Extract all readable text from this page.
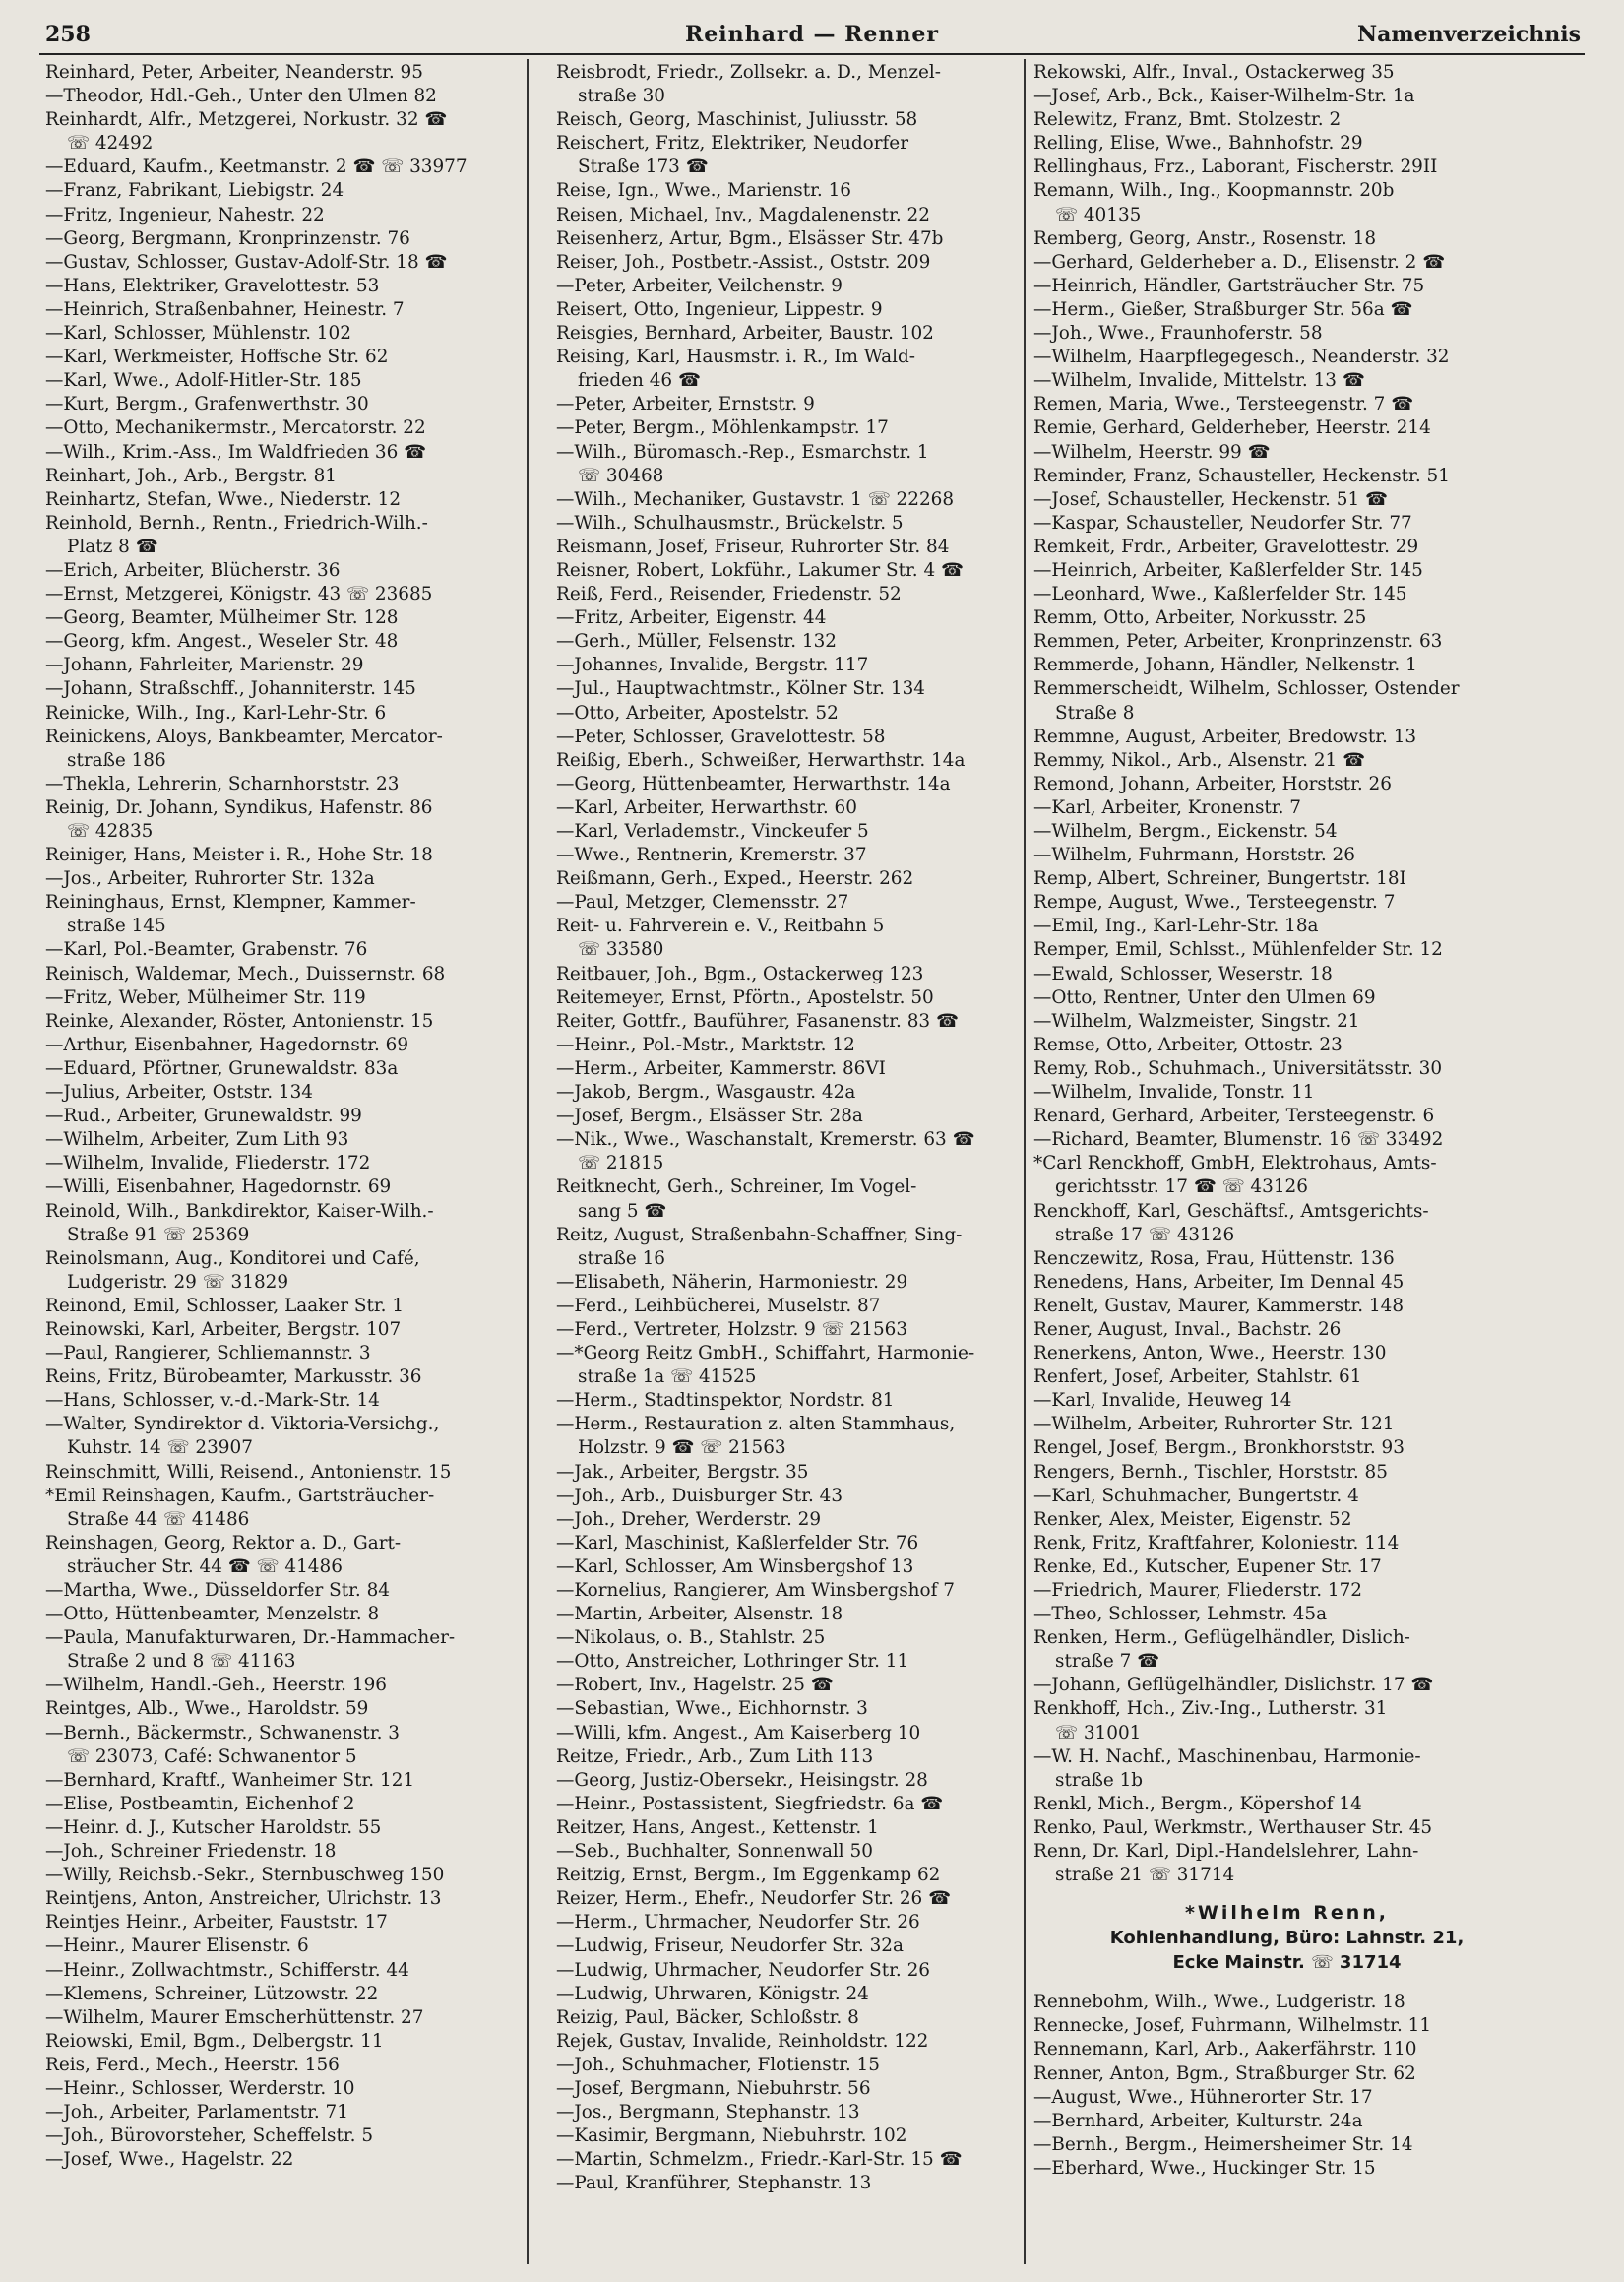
258	Reinhard — Renner	Namenverzeichnis
Reinhard, Peter, Arbeiter, Neanderstr. 95
—Theodor, Hdl.-Geh., Unter den Ulmen 82
Reinhardt, Alfr., Metzgerei, Norkustr. 32 ☎
☏ 42492
—Eduard, Kaufm., Keetmanstr. 2 ☎ ☏ 33977
—Franz, Fabrikant, Liebigstr. 24
—Fritz, Ingenieur, Nahestr. 22
—Georg, Bergmann, Kronprinzenstr. 76
—Gustav, Schlosser, Gustav-Adolf-Str. 18 ☎
—Hans, Elektriker, Gravelottestr. 53
—Heinrich, Straßenbahner, Heinestr. 7
—Karl, Schlosser, Mühlenstr. 102
—Karl, Werkmeister, Hoffsche Str. 62
—Karl, Wwe., Adolf-Hitler-Str. 185
—Kurt, Bergm., Grafenwerthstr. 30
—Otto, Mechanikermstr., Mercatorstr. 22
—Wilh., Krim.-Ass., Im Waldfrieden 36 ☎
Reinhart, Joh., Arb., Bergstr. 81
Reinhartz, Stefan, Wwe., Niederstr. 12
Reinhold, Bernh., Rentn., Friedrich-Wilh.-
Platz 8 ☎
—Erich, Arbeiter, Blücherstr. 36
—Ernst, Metzgerei, Königstr. 43 ☏ 23685
—Georg, Beamter, Mülheimer Str. 128
—Georg, kfm. Angest., Weseler Str. 48
—Johann, Fahrleiter, Marienstr. 29
—Johann, Straßschff., Johanniterstr. 145
Reinicke, Wilh., Ing., Karl-Lehr-Str. 6
Reinickens, Aloys, Bankbeamter, Mercator-
straße 186
—Thekla, Lehrerin, Scharnhorststr. 23
Reinig, Dr. Johann, Syndikus, Hafenstr. 86
☏ 42835
Reiniger, Hans, Meister i. R., Hohe Str. 18
—Jos., Arbeiter, Ruhrorter Str. 132a
Reininghaus, Ernst, Klempner, Kammer-
straße 145
—Karl, Pol.-Beamter, Grabenstr. 76
Reinisch, Waldemar, Mech., Duissernstr. 68
—Fritz, Weber, Mülheimer Str. 119
Reinke, Alexander, Röster, Antonienstr. 15
—Arthur, Eisenbahner, Hagedornstr. 69
—Eduard, Pförtner, Grunewaldstr. 83a
—Julius, Arbeiter, Oststr. 134
—Rud., Arbeiter, Grunewaldstr. 99
—Wilhelm, Arbeiter, Zum Lith 93
—Wilhelm, Invalide, Fliederstr. 172
—Willi, Eisenbahner, Hagedornstr. 69
Reinold, Wilh., Bankdirektor, Kaiser-Wilh.-
Straße 91 ☏ 25369
Reinolsmann, Aug., Konditorei und Café,
Ludgeristr. 29 ☏ 31829
Reinond, Emil, Schlosser, Laaker Str. 1
Reinowski, Karl, Arbeiter, Bergstr. 107
—Paul, Rangierer, Schliemannstr. 3
Reins, Fritz, Bürobeamter, Markusstr. 36
—Hans, Schlosser, v.-d.-Mark-Str. 14
—Walter, Syndirektor d. Viktoria-Versichg.,
Kuhstr. 14 ☏ 23907
Reinschmitt, Willi, Reisend., Antonienstr. 15
*Emil Reinshagen, Kaufm., Gartsträucher-
Straße 44 ☏ 41486
Reinshagen, Georg, Rektor a. D., Gart-
sträucher Str. 44 ☎ ☏ 41486
—Martha, Wwe., Düsseldorfer Str. 84
—Otto, Hüttenbeamter, Menzelstr. 8
—Paula, Manufakturwaren, Dr.-Hammacher-
Straße 2 und 8 ☏ 41163
—Wilhelm, Handl.-Geh., Heerstr. 196
Reintges, Alb., Wwe., Haroldstr. 59
—Bernh., Bäckermstr., Schwanenstr. 3
☏ 23073, Café: Schwanentor 5
—Bernhard, Kraftf., Wanheimer Str. 121
—Elise, Postbeamtin, Eichenhof 2
—Heinr. d. J., Kutscher Haroldstr. 55
—Joh., Schreiner Friedenstr. 18
—Willy, Reichsb.-Sekr., Sternbuschweg 150
Reintjens, Anton, Anstreicher, Ulrichstr. 13
Reintjes Heinr., Arbeiter, Fauststr. 17
—Heinr., Maurer Elisenstr. 6
—Heinr., Zollwachtmstr., Schifferstr. 44
—Klemens, Schreiner, Lützowstr. 22
—Wilhelm, Maurer Emscherhüttenstr. 27
Reiowski, Emil, Bgm., Delbergstr. 11
Reis, Ferd., Mech., Heerstr. 156
—Heinr., Schlosser, Werderstr. 10
—Joh., Arbeiter, Parlamentstr. 71
—Joh., Bürovorsteher, Scheffelstr. 5
—Josef, Wwe., Hagelstr. 22
Reisbrodt, Friedr., Zollsekr. a. D., Menzel-
straße 30
Reisch, Georg, Maschinist, Juliusstr. 58
Reischert, Fritz, Elektriker, Neudorfer
Straße 173 ☎
Reise, Ign., Wwe., Marienstr. 16
Reisen, Michael, Inv., Magdalenenstr. 22
Reisenherz, Artur, Bgm., Elsässer Str. 47b
Reiser, Joh., Postbetr.-Assist., Oststr. 209
—Peter, Arbeiter, Veilchenstr. 9
Reisert, Otto, Ingenieur, Lippestr. 9
Reisgies, Bernhard, Arbeiter, Baustr. 102
Reising, Karl, Hausmstr. i. R., Im Wald-
frieden 46 ☎
—Peter, Arbeiter, Ernststr. 9
—Peter, Bergm., Möhlenkampstr. 17
—Wilh., Büromasch.-Rep., Esmarchstr. 1
☏ 30468
—Wilh., Mechaniker, Gustavstr. 1 ☏ 22268
—Wilh., Schulhausmstr., Brückelstr. 5
Reismann, Josef, Friseur, Ruhrorter Str. 84
Reisner, Robert, Lokführ., Lakumer Str. 4 ☎
Reiß, Ferd., Reisender, Friedenstr. 52
—Fritz, Arbeiter, Eigenstr. 44
—Gerh., Müller, Felsenstr. 132
—Johannes, Invalide, Bergstr. 117
—Jul., Hauptwachtmstr., Kölner Str. 134
—Otto, Arbeiter, Apostelstr. 52
—Peter, Schlosser, Gravelottestr. 58
Reißig, Eberh., Schweißer, Herwarthstr. 14a
—Georg, Hüttenbeamter, Herwarthstr. 14a
—Karl, Arbeiter, Herwarthstr. 60
—Karl, Verlademstr., Vinckeufer 5
—Wwe., Rentnerin, Kremerstr. 37
Reißmann, Gerh., Exped., Heerstr. 262
—Paul, Metzger, Clemensstr. 27
Reit- u. Fahrverein e. V., Reitbahn 5
☏ 33580
Reitbauer, Joh., Bgm., Ostackerweg 123
Reitemeyer, Ernst, Pförtn., Apostelstr. 50
Reiter, Gottfr., Bauführer, Fasanenstr. 83 ☎
—Heinr., Pol.-Mstr., Marktstr. 12
—Herm., Arbeiter, Kammerstr. 86VI
—Jakob, Bergm., Wasgaustr. 42a
—Josef, Bergm., Elsässer Str. 28a
—Nik., Wwe., Waschanstalt, Kremerstr. 63 ☎
☏ 21815
Reitknecht, Gerh., Schreiner, Im Vogel-
sang 5 ☎
Reitz, August, Straßenbahn-Schaffner, Sing-
straße 16
—Elisabeth, Näherin, Harmoniestr. 29
—Ferd., Leihbücherei, Muselstr. 87
—Ferd., Vertreter, Holzstr. 9 ☏ 21563
—*Georg Reitz GmbH., Schiffahrt, Harmonie-
straße 1a ☏ 41525
—Herm., Stadtinspektor, Nordstr. 81
—Herm., Restauration z. alten Stammhaus,
Holzstr. 9 ☎ ☏ 21563
—Jak., Arbeiter, Bergstr. 35
—Joh., Arb., Duisburger Str. 43
—Joh., Dreher, Werderstr. 29
—Karl, Maschinist, Kaßlerfelder Str. 76
—Karl, Schlosser, Am Winsbergshof 13
—Kornelius, Rangierer, Am Winsbergshof 7
—Martin, Arbeiter, Alsenstr. 18
—Nikolaus, o. B., Stahlstr. 25
—Otto, Anstreicher, Lothringer Str. 11
—Robert, Inv., Hagelstr. 25 ☎
—Sebastian, Wwe., Eichhornstr. 3
—Willi, kfm. Angest., Am Kaiserberg 10
Reitze, Friedr., Arb., Zum Lith 113
—Georg, Justiz-Obersekr., Heisingstr. 28
—Heinr., Postassistent, Siegfriedstr. 6a ☎
Reitzer, Hans, Angest., Kettenstr. 1
—Seb., Buchhalter, Sonnenwall 50
Reitzig, Ernst, Bergm., Im Eggenkamp 62
Reizer, Herm., Ehefr., Neudorfer Str. 26 ☎
—Herm., Uhrmacher, Neudorfer Str. 26
—Ludwig, Friseur, Neudorfer Str. 32a
—Ludwig, Uhrmacher, Neudorfer Str. 26
—Ludwig, Uhrwaren, Königstr. 24
Reizig, Paul, Bäcker, Schloßstr. 8
Rejek, Gustav, Invalide, Reinholdstr. 122
—Joh., Schuhmacher, Flotienstr. 15
—Josef, Bergmann, Niebuhrstr. 56
—Jos., Bergmann, Stephanstr. 13
—Kasimir, Bergmann, Niebuhrstr. 102
—Martin, Schmelzm., Friedr.-Karl-Str. 15 ☎
—Paul, Kranführer, Stephanstr. 13
Rekowski, Alfr., Inval., Ostackerweg 35
—Josef, Arb., Bck., Kaiser-Wilhelm-Str. 1a
Relewitz, Franz, Bmt. Stolzestr. 2
Relling, Elise, Wwe., Bahnhofstr. 29
Rellinghaus, Frz., Laborant, Fischerstr. 29II
Remann, Wilh., Ing., Koopmannstr. 20b
☏ 40135
Remberg, Georg, Anstr., Rosenstr. 18
—Gerhard, Gelderheber a. D., Elisenstr. 2 ☎
—Heinrich, Händler, Gartsträucher Str. 75
—Herm., Gießer, Straßburger Str. 56a ☎
—Joh., Wwe., Fraunhoferstr. 58
—Wilhelm, Haarpflegegesch., Neanderstr. 32
—Wilhelm, Invalide, Mittelstr. 13 ☎
Remen, Maria, Wwe., Tersteegenstr. 7 ☎
Remie, Gerhard, Gelderheber, Heerstr. 214
—Wilhelm, Heerstr. 99 ☎
Reminder, Franz, Schausteller, Heckenstr. 51
—Josef, Schausteller, Heckenstr. 51 ☎
—Kaspar, Schausteller, Neudorfer Str. 77
Remkeit, Frdr., Arbeiter, Gravelottestr. 29
—Heinrich, Arbeiter, Kaßlerfelder Str. 145
—Leonhard, Wwe., Kaßlerfelder Str. 145
Remm, Otto, Arbeiter, Norkusstr. 25
Remmen, Peter, Arbeiter, Kronprinzenstr. 63
Remmerde, Johann, Händler, Nelkenstr. 1
Remmerscheidt, Wilhelm, Schlosser, Ostender
Straße 8
Remmne, August, Arbeiter, Bredowstr. 13
Remmy, Nikol., Arb., Alsenstr. 21 ☎
Remond, Johann, Arbeiter, Horststr. 26
—Karl, Arbeiter, Kronenstr. 7
—Wilhelm, Bergm., Eickenstr. 54
—Wilhelm, Fuhrmann, Horststr. 26
Remp, Albert, Schreiner, Bungertstr. 18I
Rempe, August, Wwe., Tersteegenstr. 7
—Emil, Ing., Karl-Lehr-Str. 18a
Remper, Emil, Schlsst., Mühlenfelder Str. 12
—Ewald, Schlosser, Weserstr. 18
—Otto, Rentner, Unter den Ulmen 69
—Wilhelm, Walzmeister, Singstr. 21
Remse, Otto, Arbeiter, Ottostr. 23
Remy, Rob., Schuhmach., Universitätsstr. 30
—Wilhelm, Invalide, Tonstr. 11
Renard, Gerhard, Arbeiter, Tersteegenstr. 6
—Richard, Beamter, Blumenstr. 16 ☏ 33492
*Carl Renckhoff, GmbH, Elektrohaus, Amts-
gerichtsstr. 17 ☎ ☏ 43126
Renckhoff, Karl, Geschäftsf., Amtsgerichts-
straße 17 ☏ 43126
Renczewitz, Rosa, Frau, Hüttenstr. 136
Renedens, Hans, Arbeiter, Im Dennal 45
Renelt, Gustav, Maurer, Kammerstr. 148
Rener, August, Inval., Bachstr. 26
Renerkens, Anton, Wwe., Heerstr. 130
Renfert, Josef, Arbeiter, Stahlstr. 61
—Karl, Invalide, Heuweg 14
—Wilhelm, Arbeiter, Ruhrorter Str. 121
Rengel, Josef, Bergm., Bronkhorststr. 93
Rengers, Bernh., Tischler, Horststr. 85
—Karl, Schuhmacher, Bungertstr. 4
Renker, Alex, Meister, Eigenstr. 52
Renk, Fritz, Kraftfahrer, Koloniestr. 114
Renke, Ed., Kutscher, Eupener Str. 17
—Friedrich, Maurer, Fliederstr. 172
—Theo, Schlosser, Lehmstr. 45a
Renken, Herm., Geflügelhändler, Dislich-
straße 7 ☎
—Johann, Geflügelhändler, Dislichstr. 17 ☎
Renkhoff, Hch., Ziv.-Ing., Lutherstr. 31
☏ 31001
—W. H. Nachf., Maschinenbau, Harmonie-
straße 1b
Renkl, Mich., Bergm., Köpershof 14
Renko, Paul, Werkmstr., Werthauser Str. 45
Renn, Dr. Karl, Dipl.-Handelslehrer, Lahn-
straße 21 ☏ 31714
*Wilhelm Renn,
Kohlenhandlung, Büro: Lahnstr. 21,
Ecke Mainstr. ☏ 31714
Rennebohm, Wilh., Wwe., Ludgeristr. 18
Rennecke, Josef, Fuhrmann, Wilhelmstr. 11
Rennemann, Karl, Arb., Aakerfährstr. 110
Renner, Anton, Bgm., Straßburger Str. 62
—August, Wwe., Hühnerorter Str. 17
—Bernhard, Arbeiter, Kulturstr. 24a
—Bernh., Bergm., Heimersheimer Str. 14
—Eberhard, Wwe., Huckinger Str. 15
